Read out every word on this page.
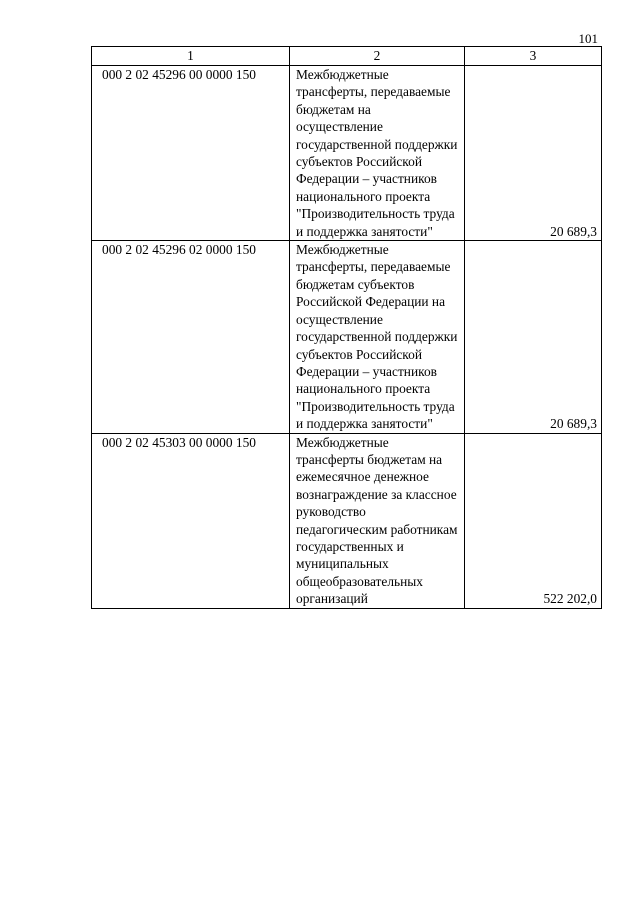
101
1	2	3
000 2 02 45296 00 0000 150	Межбюджетные трансферты, передаваемые бюджетам на осуществление государственной поддержки субъектов Российской Федерации – участников национального проекта "Производительность труда и поддержка занятости"	20 689,3
000 2 02 45296 02 0000 150	Межбюджетные трансферты, передаваемые бюджетам субъектов Российской Федерации на осуществление государственной поддержки субъектов Российской Федерации – участников национального проекта "Производительность труда и поддержка занятости"	20 689,3
000 2 02 45303 00 0000 150	Межбюджетные трансферты бюджетам на ежемесячное денежное вознаграждение за классное руководство педагогическим работникам государственных и муниципальных общеобразовательных организаций	522 202,0
